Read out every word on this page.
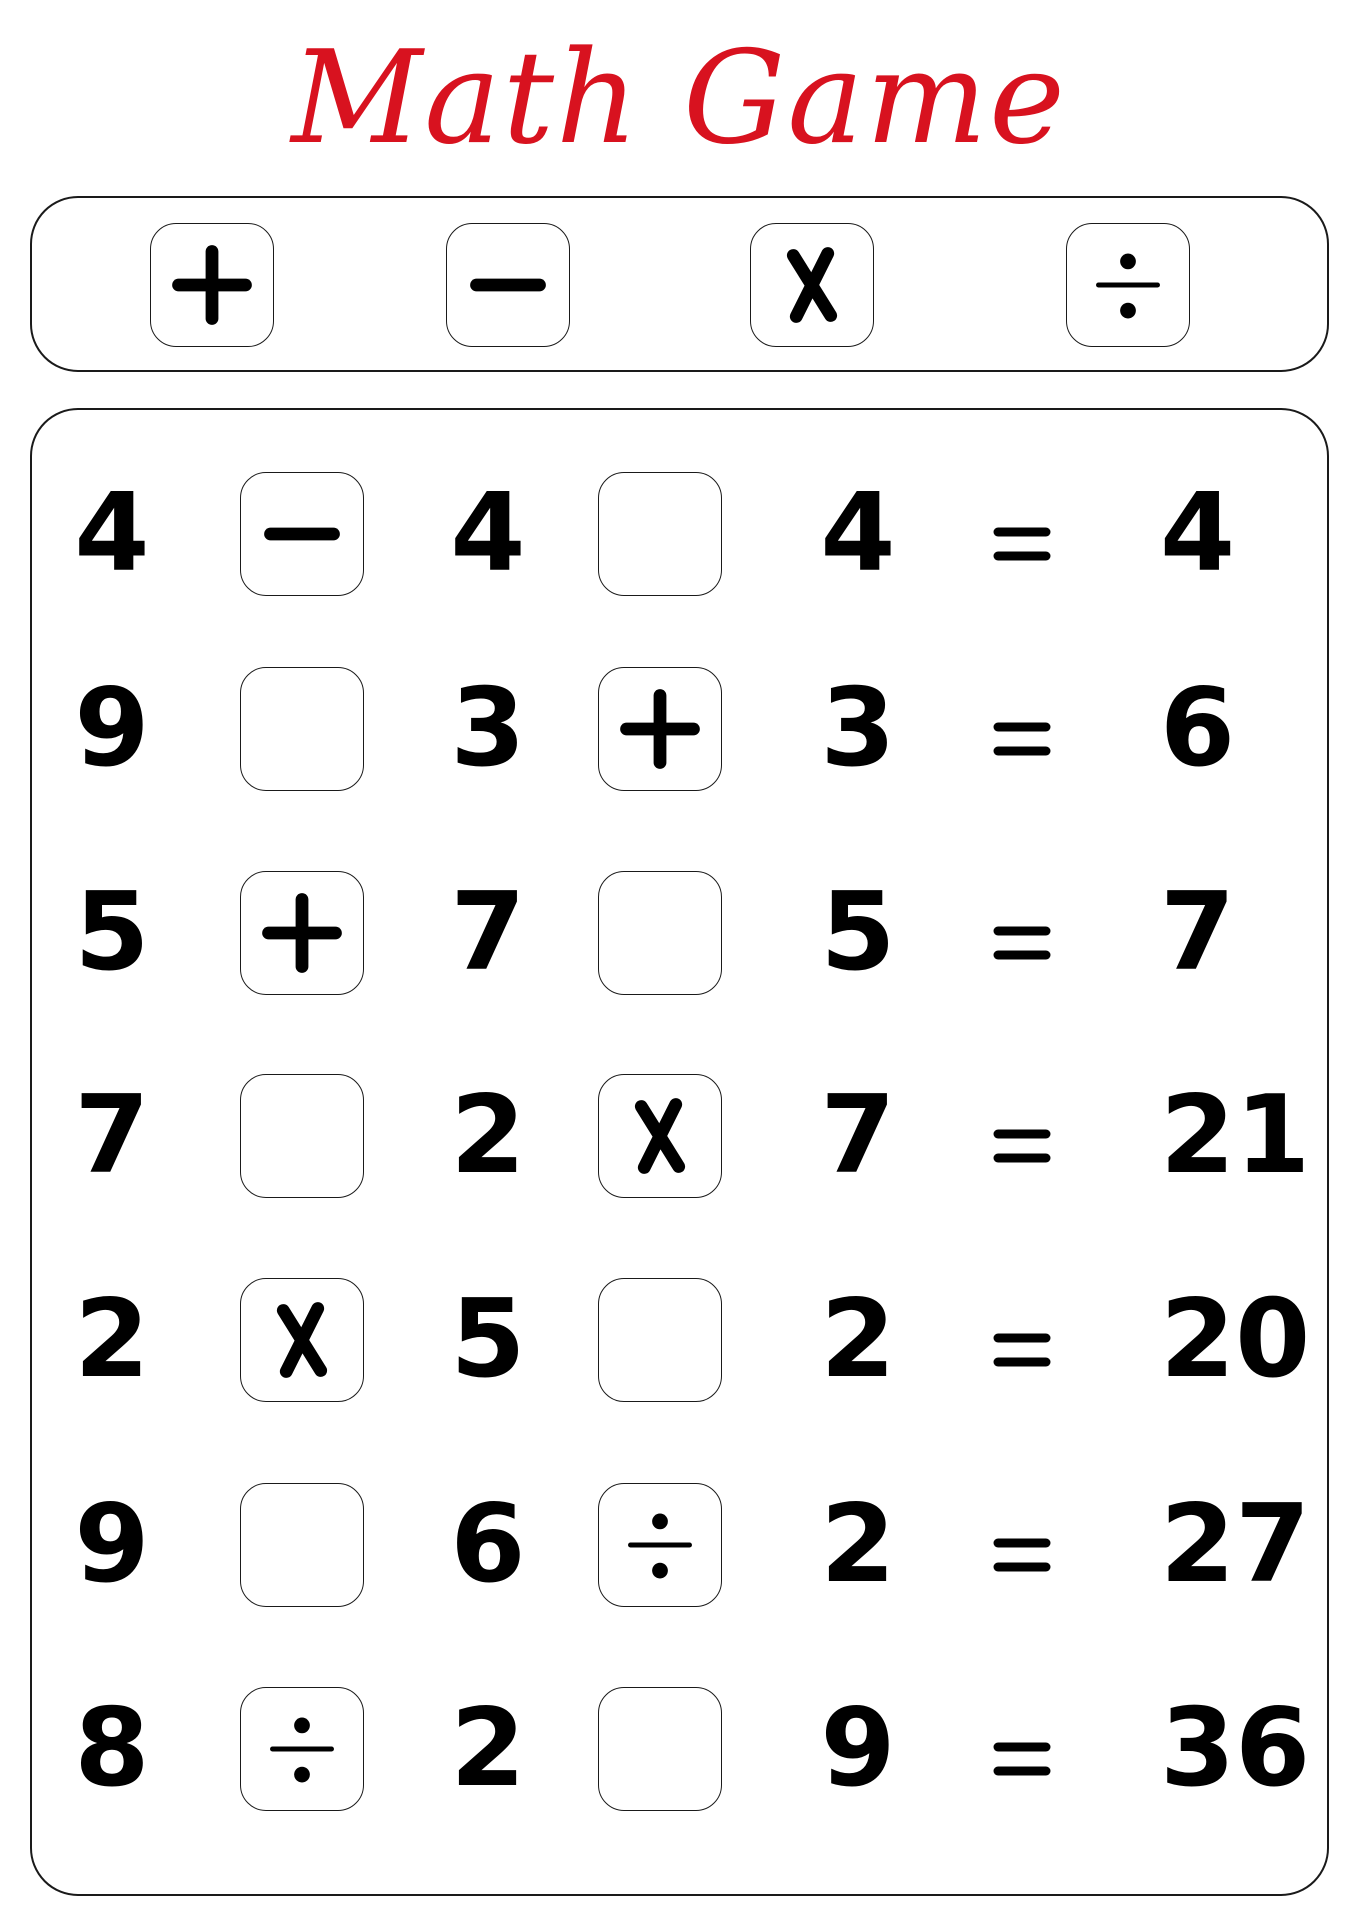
Math Game
4	4	4 4
9	3	3 6
5	7	5 7
7	2	7 21
2	5	2 20
9	6	2 27
8	2	9 36
